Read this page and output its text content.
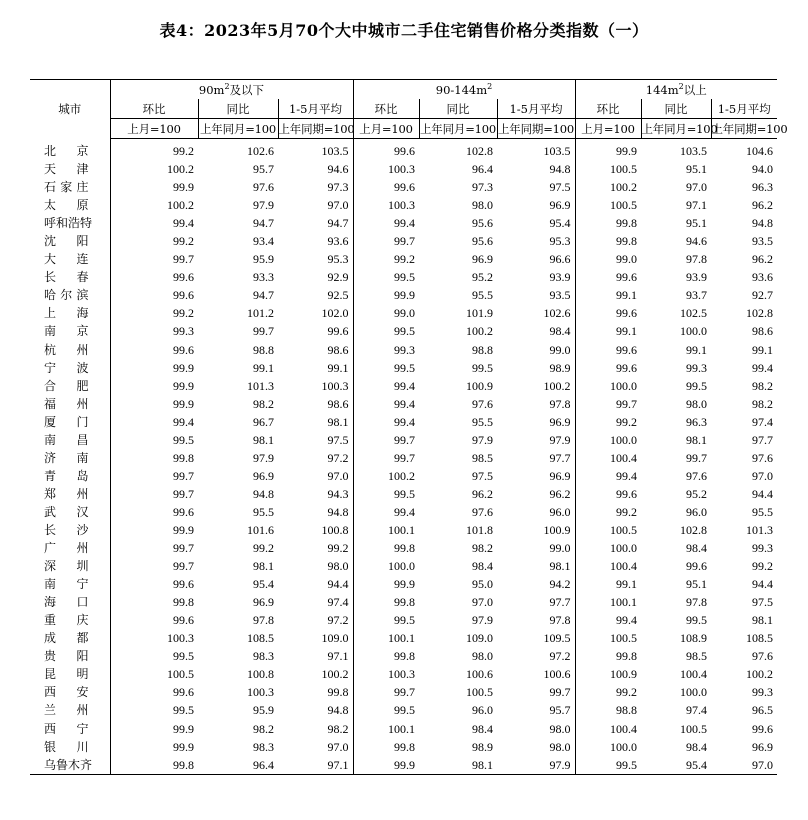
表4：2023年5月70个大中城市二手住宅销售价格分类指数（一）
城市	$90m^2$及以下			$90-144m^2$			$144m^2$以上		
	环比	同比	1-5月平均	环比	同比	1-5月平均	环比	同比	1-5月平均
	上月=100	上年同月=100	上年同期=100	上月=100	上年同月=100	上年同期=100	上月=100	上年同月=100	上年同期=100
北京	99.2	102.6	103.5	99.6	102.8	103.5	99.9	103.5	104.6
天津	100.2	95.7	94.6	100.3	96.4	94.8	100.5	95.1	94.0
石家庄	99.9	97.6	97.3	99.6	97.3	97.5	100.2	97.0	96.3
太原	100.2	97.9	97.0	100.3	98.0	96.9	100.5	97.1	96.2
呼和浩特	99.4	94.7	94.7	99.4	95.6	95.4	99.8	95.1	94.8
沈阳	99.2	93.4	93.6	99.7	95.6	95.3	99.8	94.6	93.5
大连	99.7	95.9	95.3	99.2	96.9	96.6	99.0	97.8	96.2
长春	99.6	93.3	92.9	99.5	95.2	93.9	99.6	93.9	93.6
哈尔滨	99.6	94.7	92.5	99.9	95.5	93.5	99.1	93.7	92.7
上海	99.2	101.2	102.0	99.0	101.9	102.6	99.6	102.5	102.8
南京	99.3	99.7	99.6	99.5	100.2	98.4	99.1	100.0	98.6
杭州	99.6	98.8	98.6	99.3	98.8	99.0	99.6	99.1	99.1
宁波	99.9	99.1	99.1	99.5	99.5	98.9	99.6	99.3	99.4
合肥	99.9	101.3	100.3	99.4	100.9	100.2	100.0	99.5	98.2
福州	99.9	98.2	98.6	99.4	97.6	97.8	99.7	98.0	98.2
厦门	99.4	96.7	98.1	99.4	95.5	96.9	99.2	96.3	97.4
南昌	99.5	98.1	97.5	99.7	97.9	97.9	100.0	98.1	97.7
济南	99.8	97.9	97.2	99.7	98.5	97.7	100.4	99.7	97.6
青岛	99.7	96.9	97.0	100.2	97.5	96.9	99.4	97.6	97.0
郑州	99.7	94.8	94.3	99.5	96.2	96.2	99.6	95.2	94.4
武汉	99.6	95.5	94.8	99.4	97.6	96.0	99.2	96.0	95.5
长沙	99.9	101.6	100.8	100.1	101.8	100.9	100.5	102.8	101.3
广州	99.7	99.2	99.2	99.8	98.2	99.0	100.0	98.4	99.3
深圳	99.7	98.1	98.0	100.0	98.4	98.1	100.4	99.6	99.2
南宁	99.6	95.4	94.4	99.9	95.0	94.2	99.1	95.1	94.4
海口	99.8	96.9	97.4	99.8	97.0	97.7	100.1	97.8	97.5
重庆	99.6	97.8	97.2	99.5	97.9	97.8	99.4	99.5	98.1
成都	100.3	108.5	109.0	100.1	109.0	109.5	100.5	108.9	108.5
贵阳	99.5	98.3	97.1	99.8	98.0	97.2	99.8	98.5	97.6
昆明	100.5	100.8	100.2	100.3	100.6	100.6	100.9	100.4	100.2
西安	99.6	100.3	99.8	99.7	100.5	99.7	99.2	100.0	99.3
兰州	99.5	95.9	94.8	99.5	96.0	95.7	98.8	97.4	96.5
西宁	99.9	98.2	98.2	100.1	98.4	98.0	100.4	100.5	99.6
银川	99.9	98.3	97.0	99.8	98.9	98.0	100.0	98.4	96.9
乌鲁木齐	99.8	96.4	97.1	99.9	98.1	97.9	99.5	95.4	97.0
